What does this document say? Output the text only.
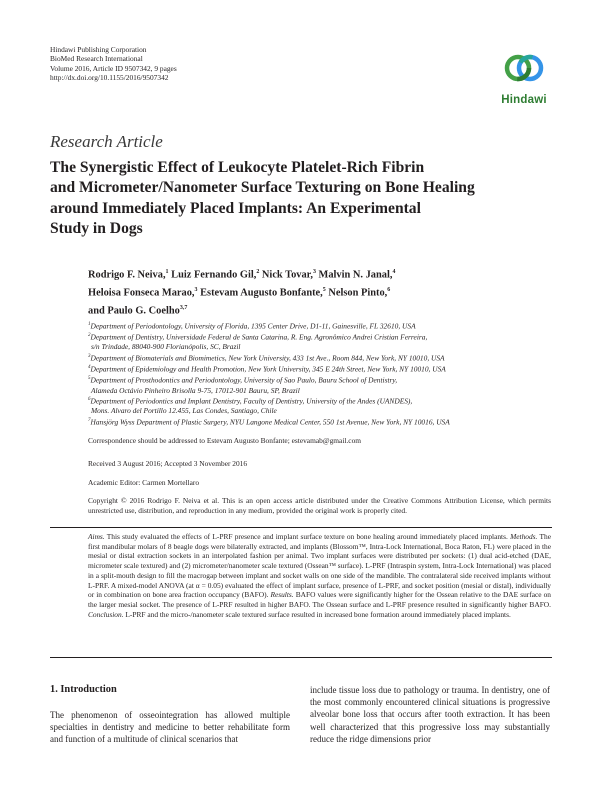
Hindawi Publishing Corporation
BioMed Research International
Volume 2016, Article ID 9507342, 9 pages
http://dx.doi.org/10.1155/2016/9507342
Hindawi
Research Article
The Synergistic Effect of Leukocyte Platelet-Rich Fibrin
and Micrometer/Nanometer Surface Texturing on Bone Healing
around Immediately Placed Implants: An Experimental
Study in Dogs
Rodrigo F. Neiva,$^1$ Luiz Fernando Gil,$^2$ Nick Tovar,$^3$ Malvin N. Janal,$^4$
Heloisa Fonseca Marao,$^3$ Estevam Augusto Bonfante,$^5$ Nelson Pinto,$^6$
and Paulo G. Coelho$^{3,7}$
$^1$Department of Periodontology, University of Florida, 1395 Center Drive, D1-11, Gainesville, FL 32610, USA
$^2$Department of Dentistry, Universidade Federal de Santa Catarina, R. Eng. Agronômico Andrei Cristian Ferreira,
s/n Trindade, 88040-900 Florianópolis, SC, Brazil
$^3$Department of Biomaterials and Biomimetics, New York University, 433 1st Ave., Room 844, New York, NY 10010, USA
$^4$Department of Epidemiology and Health Promotion, New York University, 345 E 24th Street, New York, NY 10010, USA
$^5$Department of Prosthodontics and Periodontology, University of Sao Paulo, Bauru School of Dentistry,
Alameda Octávio Pinheiro Brisolla 9-75, 17012-901 Bauru, SP, Brazil
$^6$Department of Periodontics and Implant Dentistry, Faculty of Dentistry, University of the Andes (UANDES),
Mons. Alvaro del Portillo 12.455, Las Condes, Santiago, Chile
$^7$Hansjörg Wyss Department of Plastic Surgery, NYU Langone Medical Center, 550 1st Avenue, New York, NY 10016, USA
Correspondence should be addressed to Estevam Augusto Bonfante; estevamab@gmail.com
Received 3 August 2016; Accepted 3 November 2016
Academic Editor: Carmen Mortellaro
Copyright © 2016 Rodrigo F. Neiva et al. This is an open access article distributed under the Creative Commons Attribution License, which permits unrestricted use, distribution, and reproduction in any medium, provided the original work is properly cited.
Aims. This study evaluated the effects of L-PRF presence and implant surface texture on bone healing around immediately placed implants. Methods. The first mandibular molars of 8 beagle dogs were bilaterally extracted, and implants (Blossom™, Intra-Lock International, Boca Raton, FL) were placed in the mesial or distal extraction sockets in an interpolated fashion per animal. Two implant surfaces were distributed per sockets: (1) dual acid-etched (DAE, micrometer scale textured) and (2) micrometer/nanometer scale textured (Ossean™ surface). L-PRF (Intraspin system, Intra-Lock International) was placed in a split-mouth design to fill the macrogap between implant and socket walls on one side of the mandible. The contralateral side received implants without L-PRF. A mixed-model ANOVA (at α = 0.05) evaluated the effect of implant surface, presence of L-PRF, and socket position (mesial or distal), individually or in combination on bone area fraction occupancy (BAFO). Results. BAFO values were significantly higher for the Ossean relative to the DAE surface on the larger mesial socket. The presence of L-PRF resulted in higher BAFO. The Ossean surface and L-PRF presence resulted in significantly higher BAFO. Conclusion. L-PRF and the micro-/nanometer scale textured surface resulted in increased bone formation around immediately placed implants.
1. Introduction
The phenomenon of osseointegration has allowed multiple specialties in dentistry and medicine to better rehabilitate form and function of a multitude of clinical scenarios that
include tissue loss due to pathology or trauma. In dentistry, one of the most commonly encountered clinical situations is progressive alveolar bone loss that occurs after tooth extraction. It has been well characterized that this progressive loss may substantially reduce the ridge dimensions prior
